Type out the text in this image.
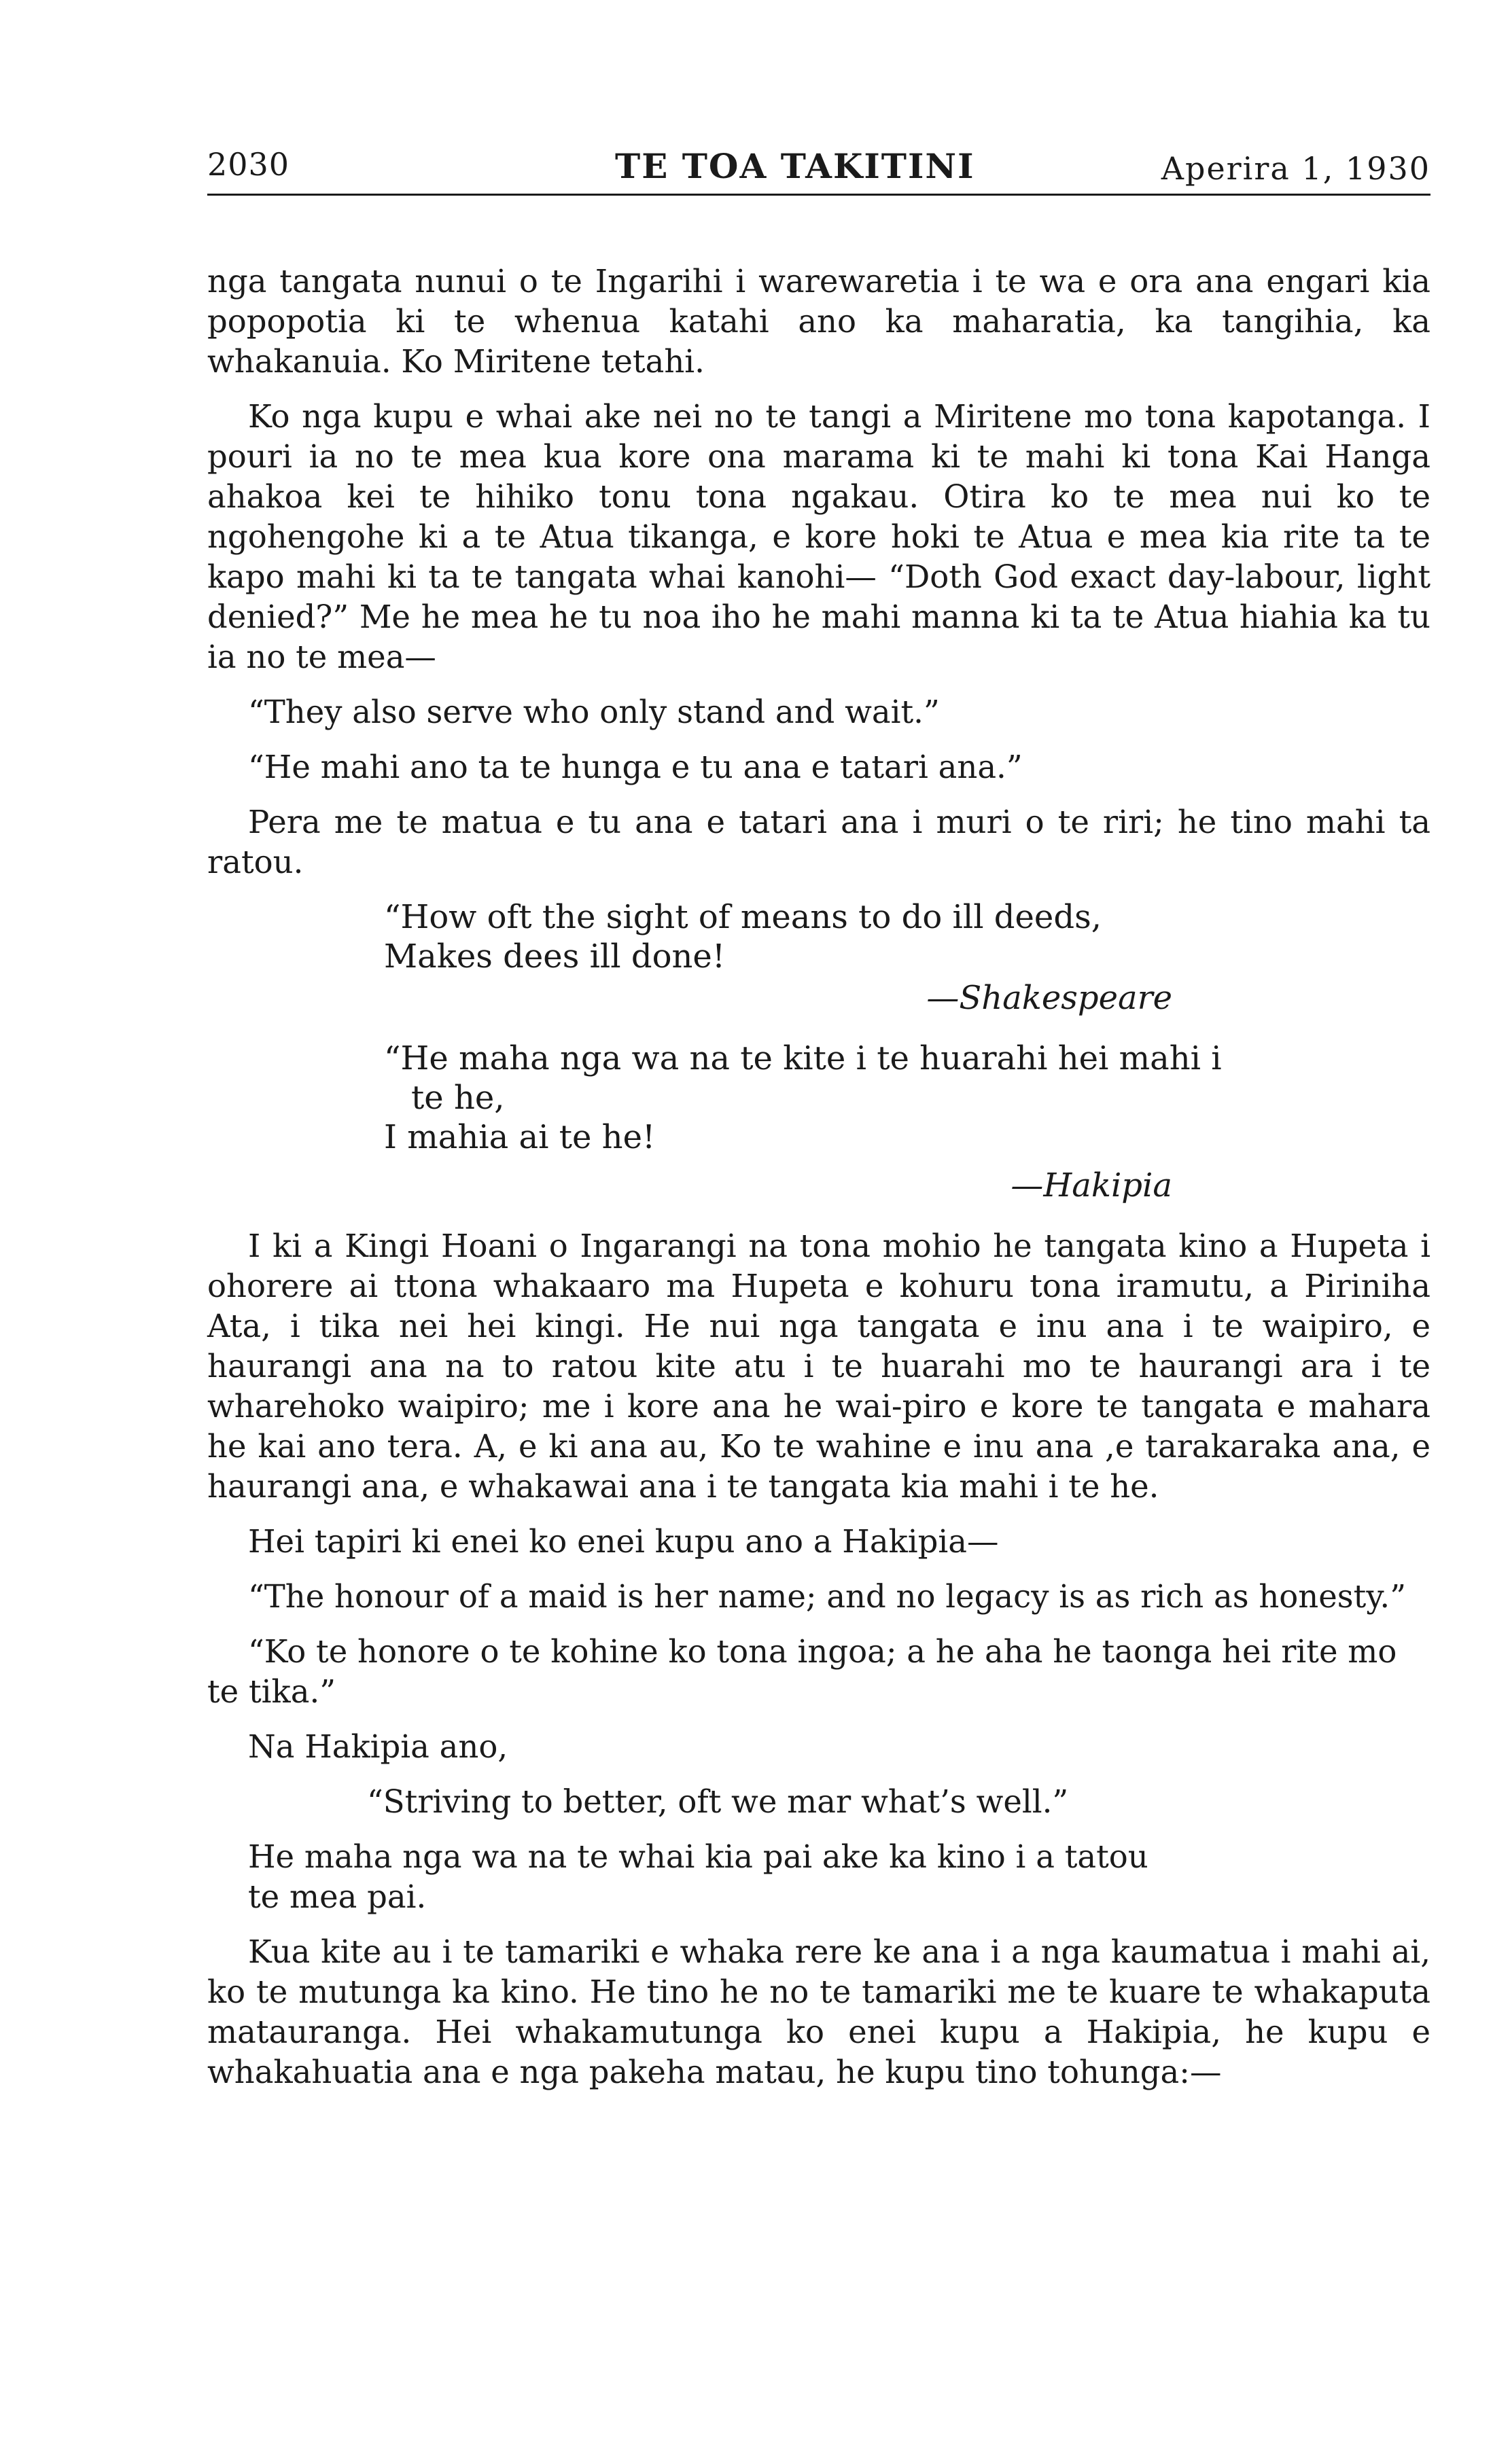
2030	TE TOA TAKITINI	Aperira 1, 1930

nga tangata nunui o te Ingarihi i warewaretia i te wa e ora ana engari kia popopotia ki te whenua katahi ano ka maharatia, ka tangihia, ka whakanuia. Ko Miritene tetahi.

Ko nga kupu e whai ake nei no te tangi a Miritene mo tona kapotanga. I pouri ia no te mea kua kore ona marama ki te mahi ki tona Kai Hanga ahakoa kei te hihiko tonu tona ngakau. Otira ko te mea nui ko te ngohengohe ki a te Atua tikanga, e kore hoki te Atua e mea kia rite ta te kapo mahi ki ta te tangata whai kanohi— “Doth God exact day-labour, light denied?” Me he mea he tu noa iho he mahi manna ki ta te Atua hiahia ka tu ia no te mea—

“They also serve who only stand and wait.”

“He mahi ano ta te hunga e tu ana e tatari ana.”

Pera me te matua e tu ana e tatari ana i muri o te riri; he tino mahi ta ratou.

“How oft the sight of means to do ill deeds,
Makes dees ill done!
—Shakespeare
“He maha nga wa na te kite i te huarahi hei mahi i
te he,
I mahia ai te he!
—Hakipia

I ki a Kingi Hoani o Ingarangi na tona mohio he tangata kino a Hupeta i ohorere ai ttona whakaaro ma Hupeta e kohuru tona iramutu, a Piriniha Ata, i tika nei hei kingi. He nui nga tangata e inu ana i te waipiro, e haurangi ana na to ratou kite atu i te huarahi mo te haurangi ara i te wharehoko waipiro; me i kore ana he wai-piro e kore te tangata e mahara he kai ano tera. A, e ki ana au, Ko te wahine e inu ana ,e tarakaraka ana, e haurangi ana, e whakawai ana i te tangata kia mahi i te he.

Hei tapiri ki enei ko enei kupu ano a Hakipia—

“The honour of a maid is her name; and no legacy is as rich as honesty.”

“Ko te honore o te kohine ko tona ingoa; a he aha he taonga hei rite mo te tika.”

Na Hakipia ano,

“Striving to better, oft we mar what’s well.”

He maha nga wa na te whai kia pai ake ka kino i a tatou
te mea pai.

Kua kite au i te tamariki e whaka rere ke ana i a nga kaumatua i mahi ai, ko te mutunga ka kino. He tino he no te tamariki me te kuare te whakaputa matauranga. Hei whakamutunga ko enei kupu a Hakipia, he kupu e whakahuatia ana e nga pakeha matau, he kupu tino tohunga:—
